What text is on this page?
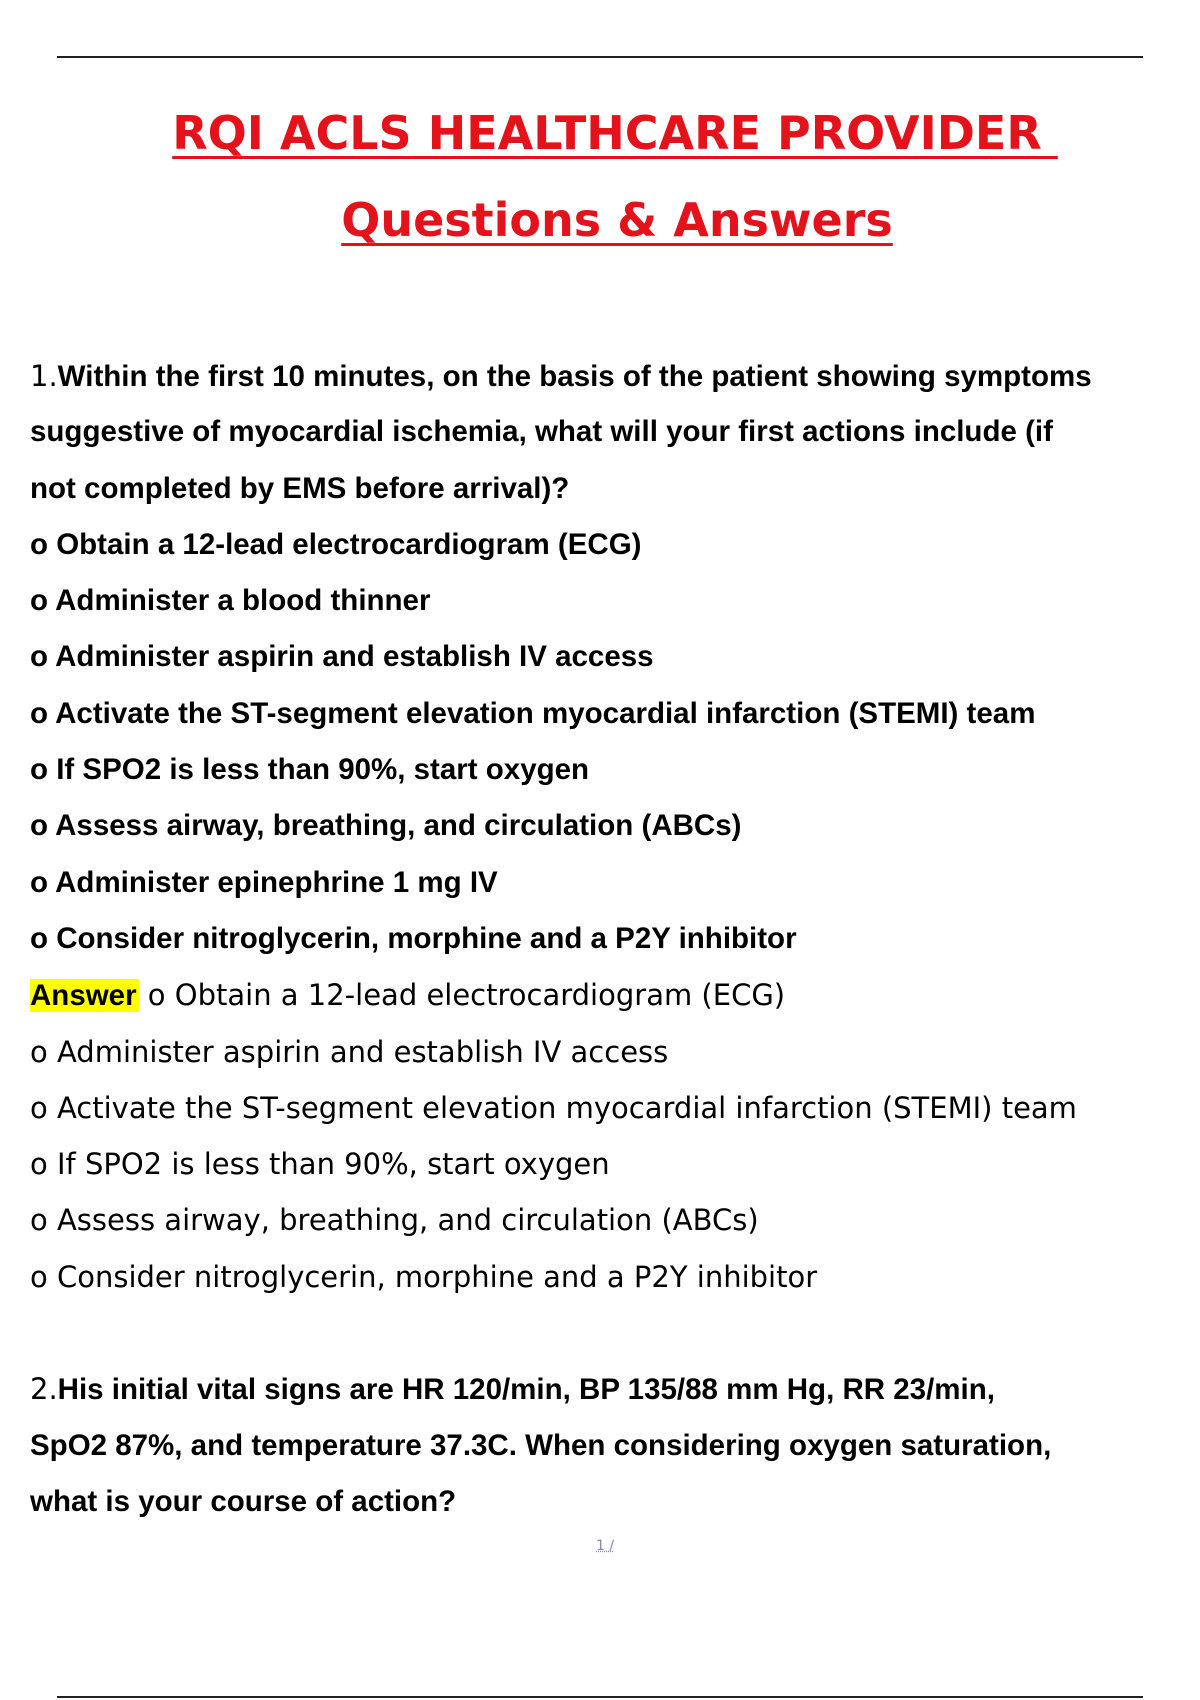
RQI ACLS HEALTHCARE PROVIDER
Questions & Answers
1.Within the first 10 minutes, on the basis of the patient showing symptoms
suggestive of myocardial ischemia, what will your first actions include (if
not completed by EMS before arrival)?
o Obtain a 12-lead electrocardiogram (ECG)
o Administer a blood thinner
o Administer aspirin and establish IV access
o Activate the ST-segment elevation myocardial infarction (STEMI) team
o If SPO2 is less than 90%, start oxygen
o Assess airway, breathing, and circulation (ABCs)
o Administer epinephrine 1 mg IV
o Consider nitroglycerin, morphine and a P2Y inhibitor
Answer o Obtain a 12-lead electrocardiogram (ECG)
o Administer aspirin and establish IV access
o Activate the ST-segment elevation myocardial infarction (STEMI) team
o If SPO2 is less than 90%, start oxygen
o Assess airway, breathing, and circulation (ABCs)
o Consider nitroglycerin, morphine and a P2Y inhibitor
2.His initial vital signs are HR 120/min, BP 135/88 mm Hg, RR 23/min,
SpO2 87%, and temperature 37.3C. When considering oxygen saturation,
what is your course of action?
1 /
